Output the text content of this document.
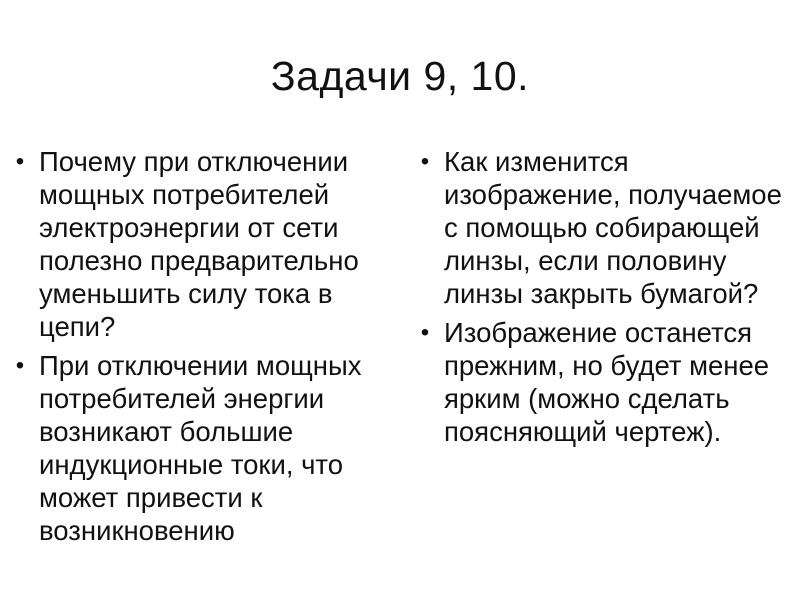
Задачи 9, 10.
• Почему при отключении мощных потребителей электроэнергии от сети полезно предварительно уменьшить силу тока в цепи?
• При отключении мощных потребителей энергии возникают большие индукционные токи, что может привести к возникновению
• Как изменится изображение, получаемое с помощью собирающей линзы, если половину линзы закрыть бумагой?
• Изображение останется прежним, но будет менее ярким (можно сделать поясняющий чертеж).
